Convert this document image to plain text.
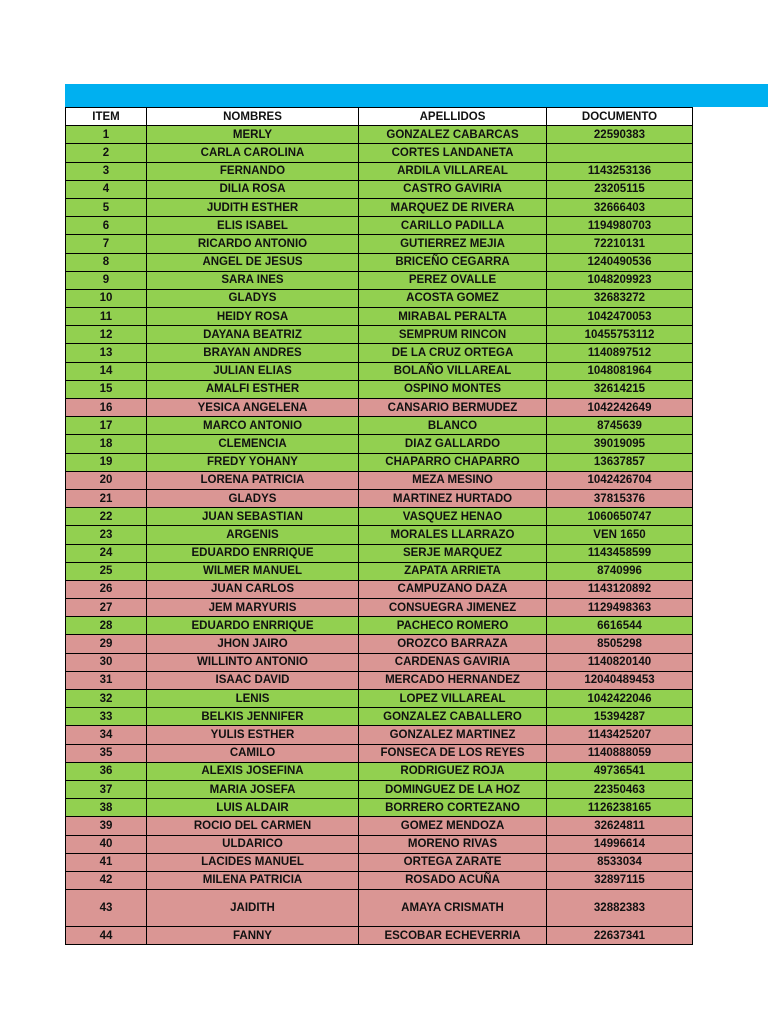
ITEM	NOMBRES	APELLIDOS	DOCUMENTO
1	MERLY	GONZALEZ CABARCAS	22590383
2	CARLA CAROLINA	CORTES LANDANETA	
3	FERNANDO	ARDILA VILLAREAL	1143253136
4	DILIA ROSA	CASTRO GAVIRIA	23205115
5	JUDITH ESTHER	MARQUEZ DE RIVERA	32666403
6	ELIS ISABEL	CARILLO PADILLA	1194980703
7	RICARDO ANTONIO	GUTIERREZ MEJIA	72210131
8	ANGEL DE JESUS	BRICEÑO CEGARRA	1240490536
9	SARA INES	PEREZ OVALLE	1048209923
10	GLADYS	ACOSTA GOMEZ	32683272
11	HEIDY ROSA	MIRABAL PERALTA	1042470053
12	DAYANA BEATRIZ	SEMPRUM RINCON	10455753112
13	BRAYAN ANDRES	DE LA CRUZ ORTEGA	1140897512
14	JULIAN ELIAS	BOLAÑO VILLAREAL	1048081964
15	AMALFI ESTHER	OSPINO MONTES	32614215
16	YESICA ANGELENA	CANSARIO BERMUDEZ	1042242649
17	MARCO ANTONIO	BLANCO	8745639
18	CLEMENCIA	DIAZ GALLARDO	39019095
19	FREDY YOHANY	CHAPARRO CHAPARRO	13637857
20	LORENA PATRICIA	MEZA MESINO	1042426704
21	GLADYS	MARTINEZ HURTADO	37815376
22	JUAN SEBASTIAN	VASQUEZ HENAO	1060650747
23	ARGENIS	MORALES LLARRAZO	VEN 1650
24	EDUARDO ENRRIQUE	SERJE MARQUEZ	1143458599
25	WILMER MANUEL	ZAPATA ARRIETA	8740996
26	JUAN CARLOS	CAMPUZANO DAZA	1143120892
27	JEM MARYURIS	CONSUEGRA JIMENEZ	1129498363
28	EDUARDO ENRRIQUE	PACHECO ROMERO	6616544
29	JHON JAIRO	OROZCO BARRAZA	8505298
30	WILLINTO ANTONIO	CARDENAS GAVIRIA	1140820140
31	ISAAC DAVID	MERCADO HERNANDEZ	12040489453
32	LENIS	LOPEZ VILLAREAL	1042422046
33	BELKIS JENNIFER	GONZALEZ CABALLERO	15394287
34	YULIS ESTHER	GONZALEZ MARTINEZ	1143425207
35	CAMILO	FONSECA DE LOS REYES	1140888059
36	ALEXIS JOSEFINA	RODRIGUEZ ROJA	49736541
37	MARIA JOSEFA	DOMINGUEZ DE LA HOZ	22350463
38	LUIS ALDAIR	BORRERO CORTEZANO	1126238165
39	ROCIO DEL CARMEN	GOMEZ MENDOZA	32624811
40	ULDARICO	MORENO RIVAS	14996614
41	LACIDES MANUEL	ORTEGA ZARATE	8533034
42	MILENA PATRICIA	ROSADO ACUÑA	32897115
43	JAIDITH	AMAYA CRISMATH	32882383
44	FANNY	ESCOBAR ECHEVERRIA	22637341
